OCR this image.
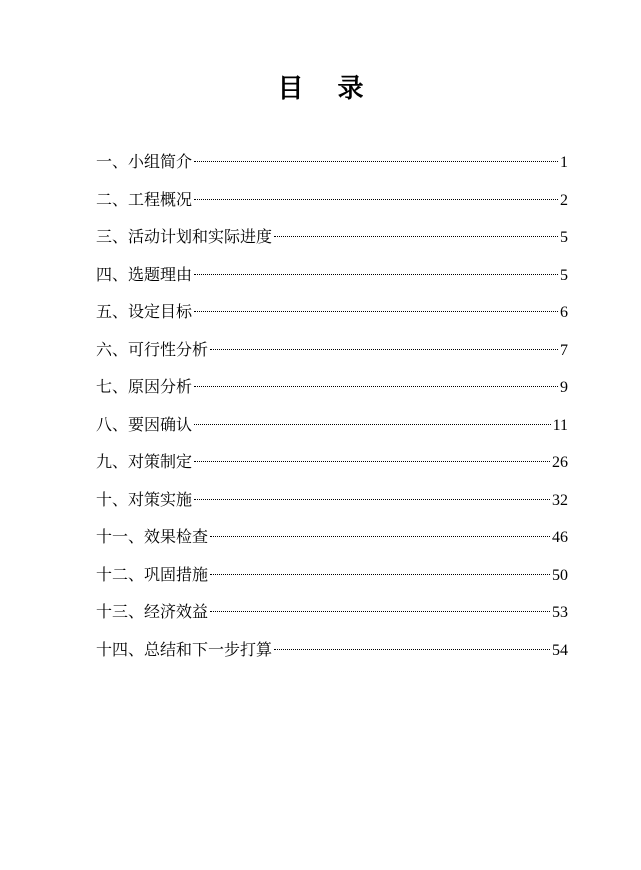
目录
一、小组简介	1
二、工程概况	2
三、活动计划和实际进度	5
四、选题理由	5
五、设定目标	6
六、可行性分析	7
七、原因分析	9
八、要因确认	11
九、对策制定	26
十、对策实施	32
十一、效果检查	46
十二、巩固措施	50
十三、经济效益	53
十四、总结和下一步打算	54
